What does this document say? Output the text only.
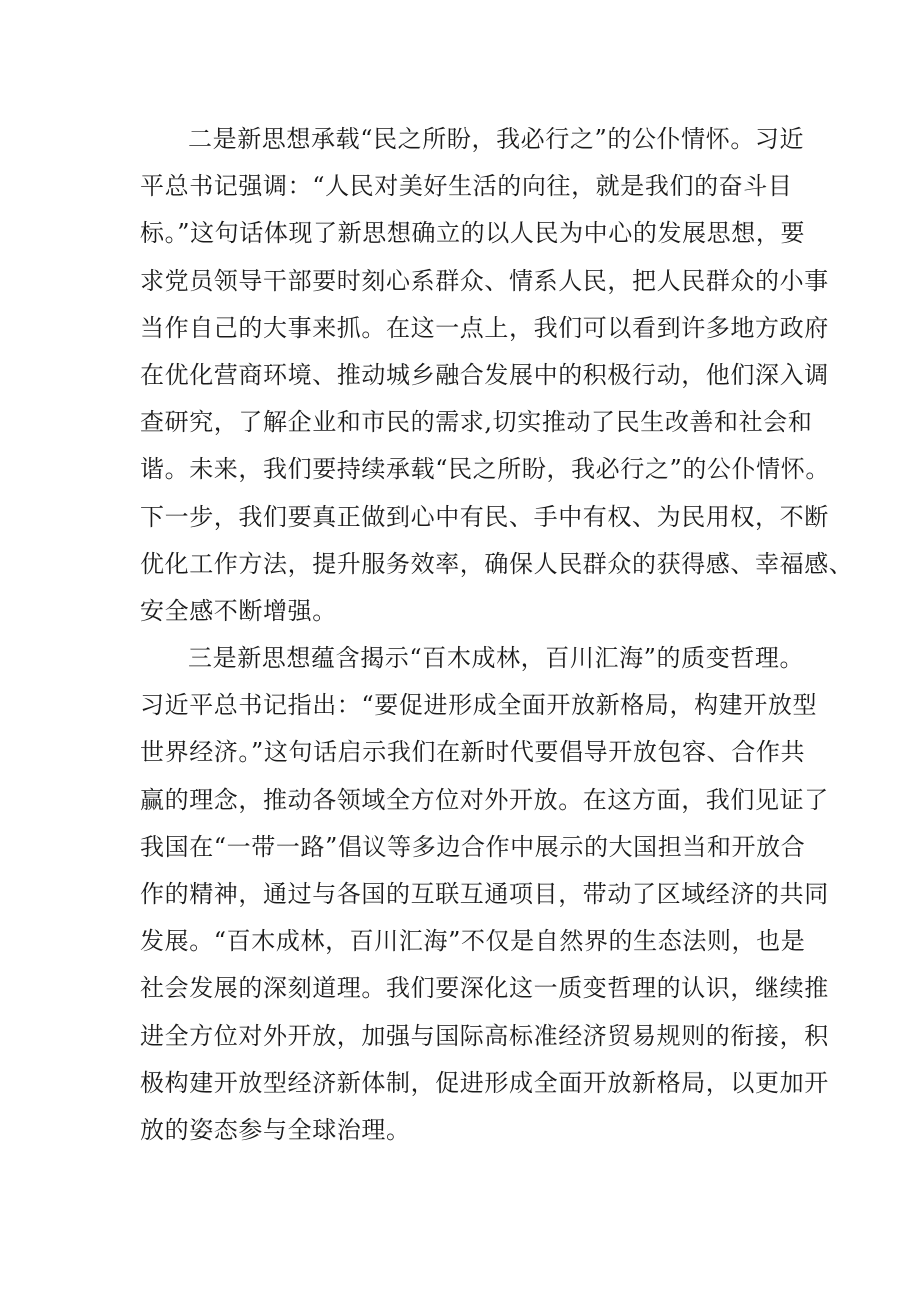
二是新思想承载“民之所盼，我必行之”的公仆情怀。习近
平总书记强调：“人民对美好生活的向往，就是我们的奋斗目
标。”这句话体现了新思想确立的以人民为中心的发展思想，要
求党员领导干部要时刻心系群众、情系人民，把人民群众的小事
当作自己的大事来抓。在这一点上，我们可以看到许多地方政府
在优化营商环境、推动城乡融合发展中的积极行动，他们深入调
查研究，了解企业和市民的需求,切实推动了民生改善和社会和
谐。未来，我们要持续承载“民之所盼，我必行之”的公仆情怀。
下一步，我们要真正做到心中有民、手中有权、为民用权，不断
优化工作方法，提升服务效率，确保人民群众的获得感、幸福感、
安全感不断增强。
三是新思想蕴含揭示“百木成林，百川汇海”的质变哲理。
习近平总书记指出：“要促进形成全面开放新格局，构建开放型
世界经济。”这句话启示我们在新时代要倡导开放包容、合作共
赢的理念，推动各领域全方位对外开放。在这方面，我们见证了
我国在“一带一路”倡议等多边合作中展示的大国担当和开放合
作的精神，通过与各国的互联互通项目，带动了区域经济的共同
发展。“百木成林，百川汇海”不仅是自然界的生态法则，也是
社会发展的深刻道理。我们要深化这一质变哲理的认识，继续推
进全方位对外开放，加强与国际高标准经济贸易规则的衔接，积
极构建开放型经济新体制，促进形成全面开放新格局，以更加开
放的姿态参与全球治理。
